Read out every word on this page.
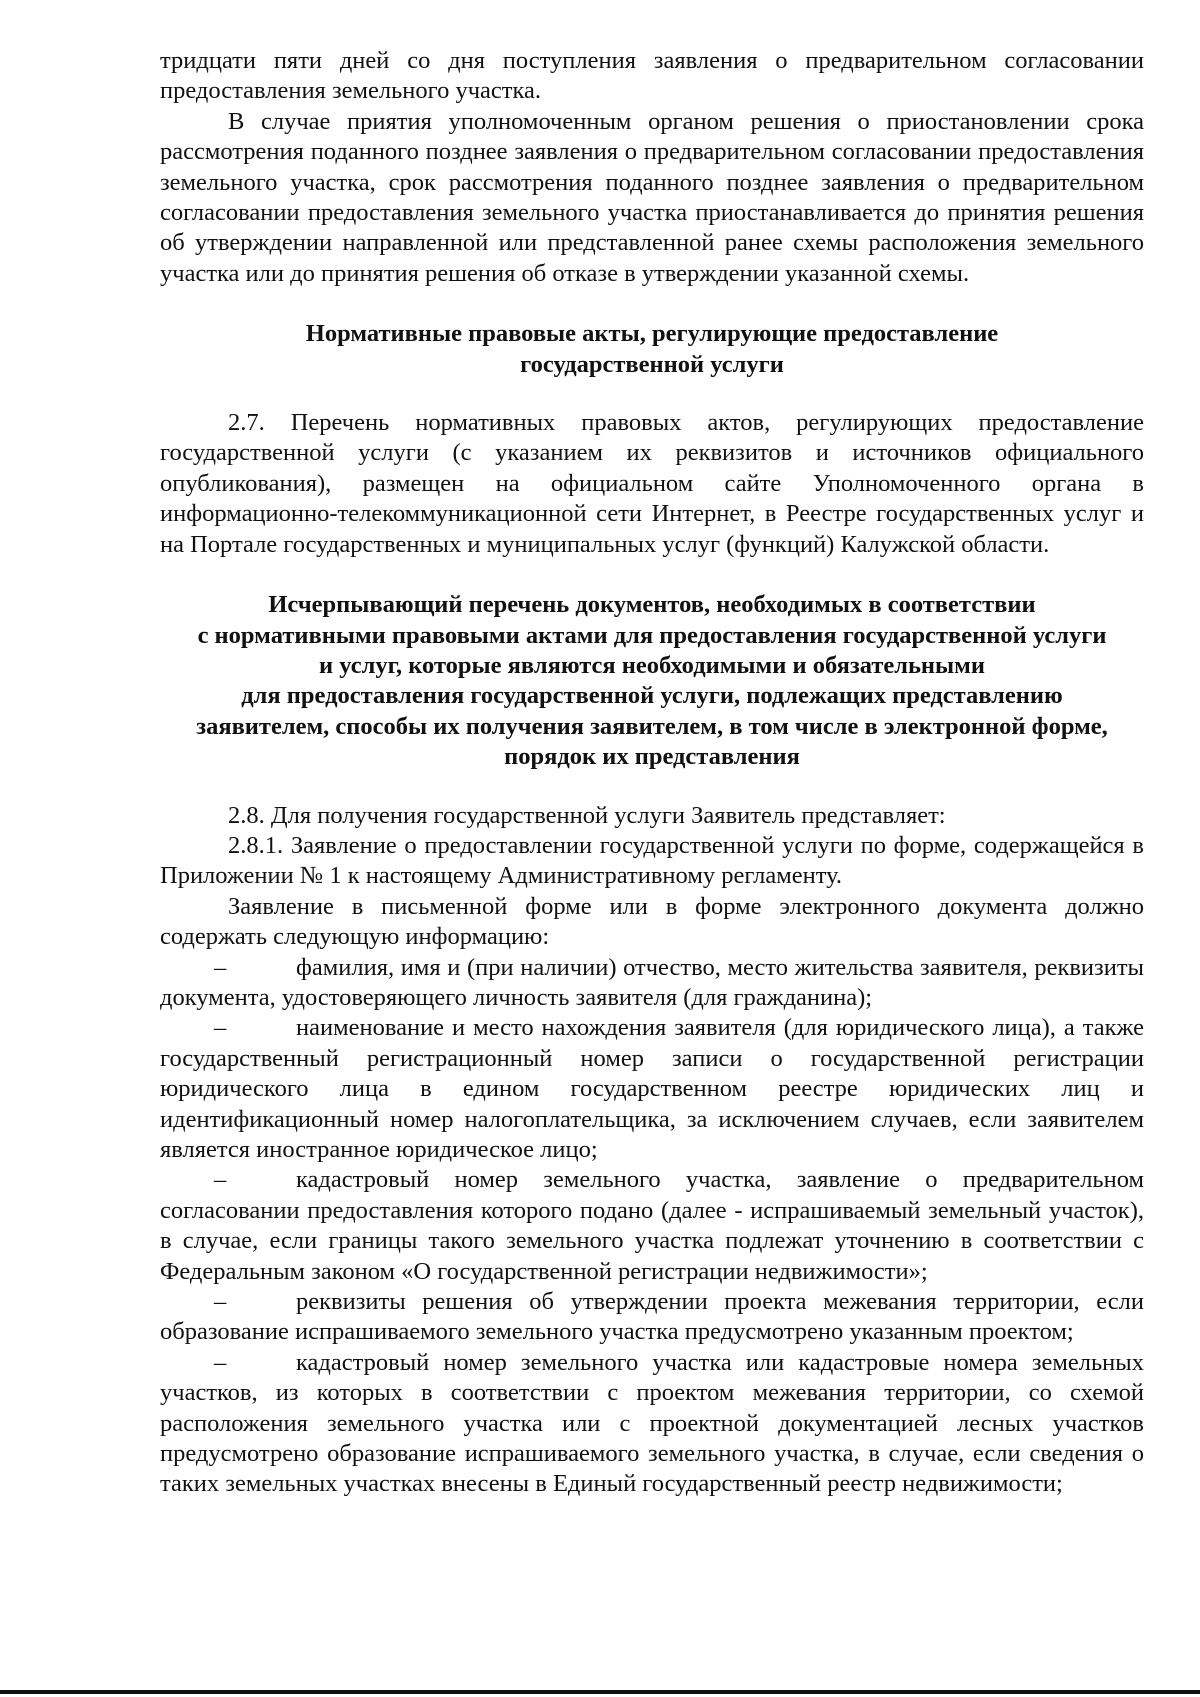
тридцати пяти дней со дня поступления заявления о предварительном согласовании предоставления земельного участка.

В случае приятия уполномоченным органом решения о приостановлении срока рассмотрения поданного позднее заявления о предварительном согласовании предоставления земельного участка, срок рассмотрения поданного позднее заявления о предварительном согласовании предоставления земельного участка приостанавливается до принятия решения об утверждении направленной или представленной ранее схемы расположения земельного участка или до принятия решения об отказе в утверждении указанной схемы.

Нормативные правовые акты, регулирующие предоставление
государственной услуги

2.7. Перечень нормативных правовых актов, регулирующих предоставление государственной услуги (с указанием их реквизитов и источников официального опубликования), размещен на официальном сайте Уполномоченного органа в информационно-телекоммуникационной сети Интернет, в Реестре государственных услуг и на Портале государственных и муниципальных услуг (функций) Калужской области.

Исчерпывающий перечень документов, необходимых в соответствии
с нормативными правовыми актами для предоставления государственной услуги
и услуг, которые являются необходимыми и обязательными
для предоставления государственной услуги, подлежащих представлению
заявителем, способы их получения заявителем, в том числе в электронной форме,
порядок их представления

2.8. Для получения государственной услуги Заявитель представляет:

2.8.1. Заявление о предоставлении государственной услуги по форме, содержащейся в Приложении № 1 к настоящему Административному регламенту.

Заявление в письменной форме или в форме электронного документа должно содержать следующую информацию:

–	фамилия, имя и (при наличии) отчество, место жительства заявителя, реквизиты документа, удостоверяющего личность заявителя (для гражданина);

–	наименование и место нахождения заявителя (для юридического лица), а также государственный регистрационный номер записи о государственной регистрации юридического лица в едином государственном реестре юридических лиц и идентификационный номер налогоплательщика, за исключением случаев, если заявителем является иностранное юридическое лицо;

–	кадастровый номер земельного участка, заявление о предварительном согласовании предоставления которого подано (далее - испрашиваемый земельный участок), в случае, если границы такого земельного участка подлежат уточнению в соответствии с Федеральным законом «О государственной регистрации недвижимости»;

–	реквизиты решения об утверждении проекта межевания территории, если образование испрашиваемого земельного участка предусмотрено указанным проектом;

–	кадастровый номер земельного участка или кадастровые номера земельных участков, из которых в соответствии с проектом межевания территории, со схемой расположения земельного участка или с проектной документацией лесных участков предусмотрено образование испрашиваемого земельного участка, в случае, если сведения о таких земельных участках внесены в Единый государственный реестр недвижимости;
